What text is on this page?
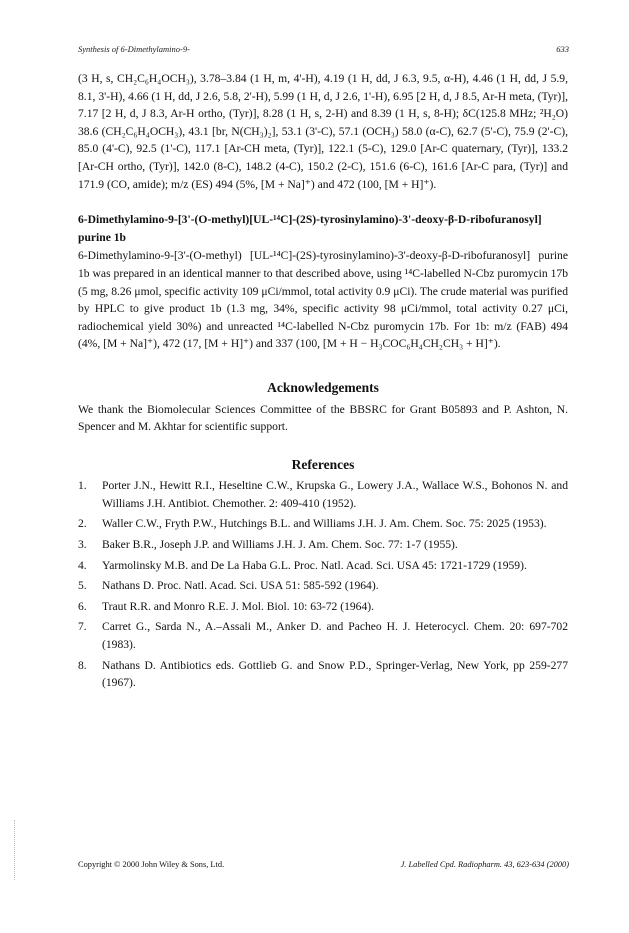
Synthesis of 6-Dimethylamino-9-	633

(3 H, s, CH₂C₆H₄OCH₃), 3.78–3.84 (1 H, m, 4'-H), 4.19 (1 H, dd, J 6.3, 9.5, α-H), 4.46 (1 H, dd, J 5.9, 8.1, 3'-H), 4.66 (1 H, dd, J 2.6, 5.8, 2'-H), 5.99 (1 H, d, J 2.6, 1'-H), 6.95 [2 H, d, J 8.5, Ar-H meta, (Tyr)], 7.17 [2 H, d, J 8.3, Ar-H ortho, (Tyr)], 8.28 (1 H, s, 2-H) and 8.39 (1 H, s, 8-H); δC(125.8 MHz; ²H₂O) 38.6 (CH₂C₆H₄OCH₃), 43.1 [br, N(CH₃)₂], 53.1 (3'-C), 57.1 (OCH₃) 58.0 (α-C), 62.7 (5'-C), 75.9 (2'-C), 85.0 (4'-C), 92.5 (1'-C), 117.1 [Ar-CH meta, (Tyr)], 122.1 (5-C), 129.0 [Ar-C quaternary, (Tyr)], 133.2 [Ar-CH ortho, (Tyr)], 142.0 (8-C), 148.2 (4-C), 150.2 (2-C), 151.6 (6-C), 161.6 [Ar-C para, (Tyr)] and 171.9 (CO, amide); m/z (ES) 494 (5%, [M + Na]⁺) and 472 (100, [M + H]⁺).

6-Dimethylamino-9-[3'-(O-methyl)[UL-¹⁴C]-(2S)-tyrosinylamino)-3'-deoxy-β-D-ribofuranosyl] purine 1b

6-Dimethylamino-9-[3'-(O-methyl) [UL-¹⁴C]-(2S)-tyrosinylamino)-3'-deoxy-β-D-ribofuranosyl] purine 1b was prepared in an identical manner to that described above, using ¹⁴C-labelled N-Cbz puromycin 17b (5 mg, 8.26 μmol, specific activity 109 μCi/mmol, total activity 0.9 μCi). The crude material was purified by HPLC to give product 1b (1.3 mg, 34%, specific activity 98 μCi/mmol, total activity 0.27 μCi, radiochemical yield 30%) and unreacted ¹⁴C-labelled N-Cbz puromycin 17b. For 1b: m/z (FAB) 494 (4%, [M + Na]⁺), 472 (17, [M + H]⁺) and 337 (100, [M + H − H₃COC₆H₄CH₂CH₃ + H]⁺).

Acknowledgements

We thank the Biomolecular Sciences Committee of the BBSRC for Grant B05893 and P. Ashton, N. Spencer and M. Akhtar for scientific support.

References
1.	Porter J.N., Hewitt R.I., Heseltine C.W., Krupska G., Lowery J.A., Wallace W.S., Bohonos N. and Williams J.H. Antibiot. Chemother. 2: 409-410 (1952).
2.	Waller C.W., Fryth P.W., Hutchings B.L. and Williams J.H. J. Am. Chem. Soc. 75: 2025 (1953).
3.	Baker B.R., Joseph J.P. and Williams J.H. J. Am. Chem. Soc. 77: 1-7 (1955).
4.	Yarmolinsky M.B. and De La Haba G.L. Proc. Natl. Acad. Sci. USA 45: 1721-1729 (1959).
5.	Nathans D. Proc. Natl. Acad. Sci. USA 51: 585-592 (1964).
6.	Traut R.R. and Monro R.E. J. Mol. Biol. 10: 63-72 (1964).
7.	Carret G., Sarda N., A.–Assali M., Anker D. and Pacheo H. J. Heterocycl. Chem. 20: 697-702 (1983).
8.	Nathans D. Antibiotics eds. Gottlieb G. and Snow P.D., Springer-Verlag, New York, pp 259-277 (1967).
Copyright © 2000 John Wiley & Sons, Ltd.	J. Labelled Cpd. Radiopharm. 43, 623-634 (2000)
